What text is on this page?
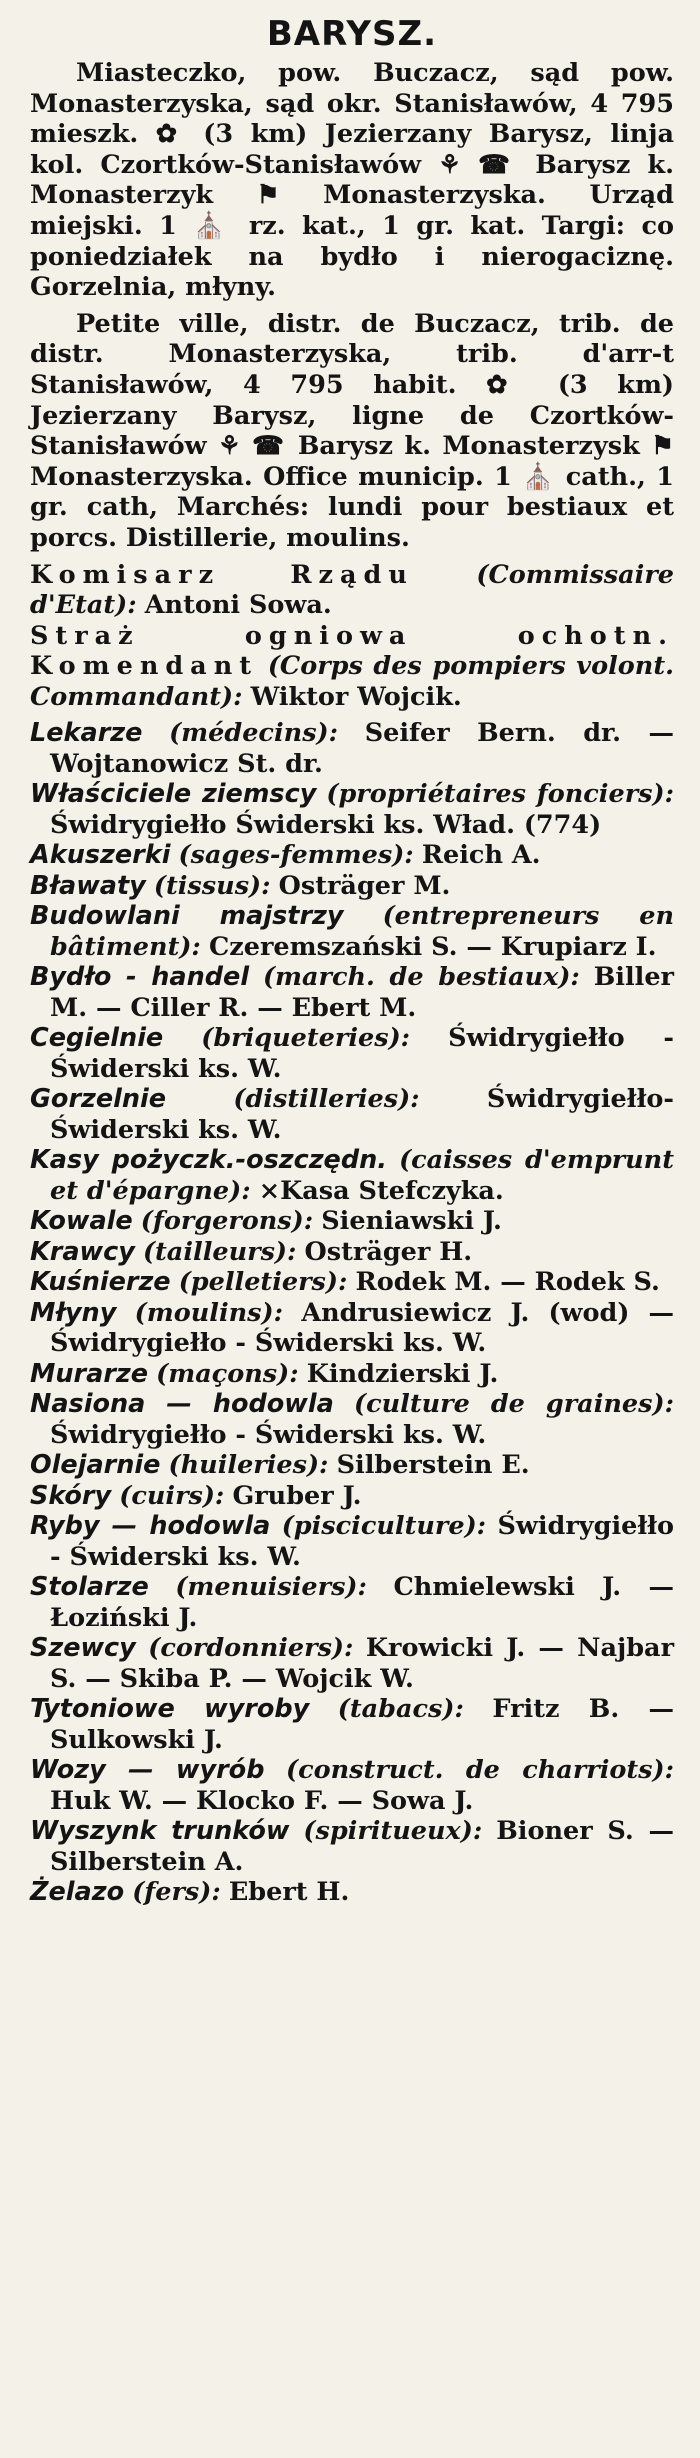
BARYSZ.

Miasteczko, pow. Buczacz, sąd pow. Monasterzyska, sąd okr. Stanisławów, 4 795 mieszk. ✿ (3 km) Jezierzany Barysz, linja kol. Czortków-Stanisławów ⚘ ☎ Barysz k. Monasterzyk ⚑ Monasterzyska. Urząd miejski. 1 ⛪ rz. kat., 1 gr. kat. Targi: co poniedziałek na bydło i nierogaciznę. Gorzelnia, młyny.

Petite ville, distr. de Buczacz, trib. de distr. Monasterzyska, trib. d'arr-t Stanisławów, 4 795 habit. ✿ (3 km) Jezierzany Barysz, ligne de Czortków-Stanisławów ⚘ ☎ Barysz k. Monasterzysk ⚑ Monasterzyska. Office municip. 1 ⛪ cath., 1 gr. cath, Marchés: lundi pour bestiaux et porcs. Distillerie, moulins.

Komisarz Rządu (Commissaire d'Etat): Antoni Sowa.

Straż ogniowa ochotn. Komendant (Corps des pompiers volont. Commandant): Wiktor Wojcik.

Lekarze (médecins): Seifer Bern. dr. — Wojtanowicz St. dr.

Właściciele ziemscy (propriétaires fonciers): Świdrygiełło Świderski ks. Wład. (774)

Akuszerki (sages-femmes): Reich A.

Bławaty (tissus): Osträger M.

Budowlani majstrzy (entrepreneurs en bâtiment): Czeremszański S. — Krupiarz I.

Bydło - handel (march. de bestiaux): Biller M. — Ciller R. — Ebert M.

Cegielnie (briqueteries): Świdrygiełło - Świderski ks. W.

Gorzelnie	(distilleries):	Świdrygiełło-Świderski ks. W.

Kasy pożyczk.-oszczędn. (caisses d'emprunt et d'épargne): ×Kasa Stefczyka.

Kowale (forgerons): Sieniawski J.

Krawcy (tailleurs): Osträger H.

Kuśnierze (pelletiers): Rodek M. — Rodek S.

Młyny (moulins): Andrusiewicz J. (wod) — Świdrygiełło - Świderski ks. W.

Murarze (maçons): Kindzierski J.

Nasiona — hodowla (culture de graines): Świdrygiełło - Świderski ks. W.

Olejarnie (huileries): Silberstein E.

Skóry (cuirs): Gruber J.

Ryby — hodowla (pisciculture): Świdrygiełło - Świderski ks. W.

Stolarze (menuisiers): Chmielewski J. — Łoziński J.

Szewcy (cordonniers): Krowicki J. — Najbar S. — Skiba P. — Wojcik W.

Tytoniowe wyroby (tabacs): Fritz B. — Sulkowski J.

Wozy — wyrób (construct. de charriots): Huk W. — Klocko F. — Sowa J.

Wyszynk trunków (spiritueux): Bioner S. — Silberstein A.

Żelazo (fers): Ebert H.
